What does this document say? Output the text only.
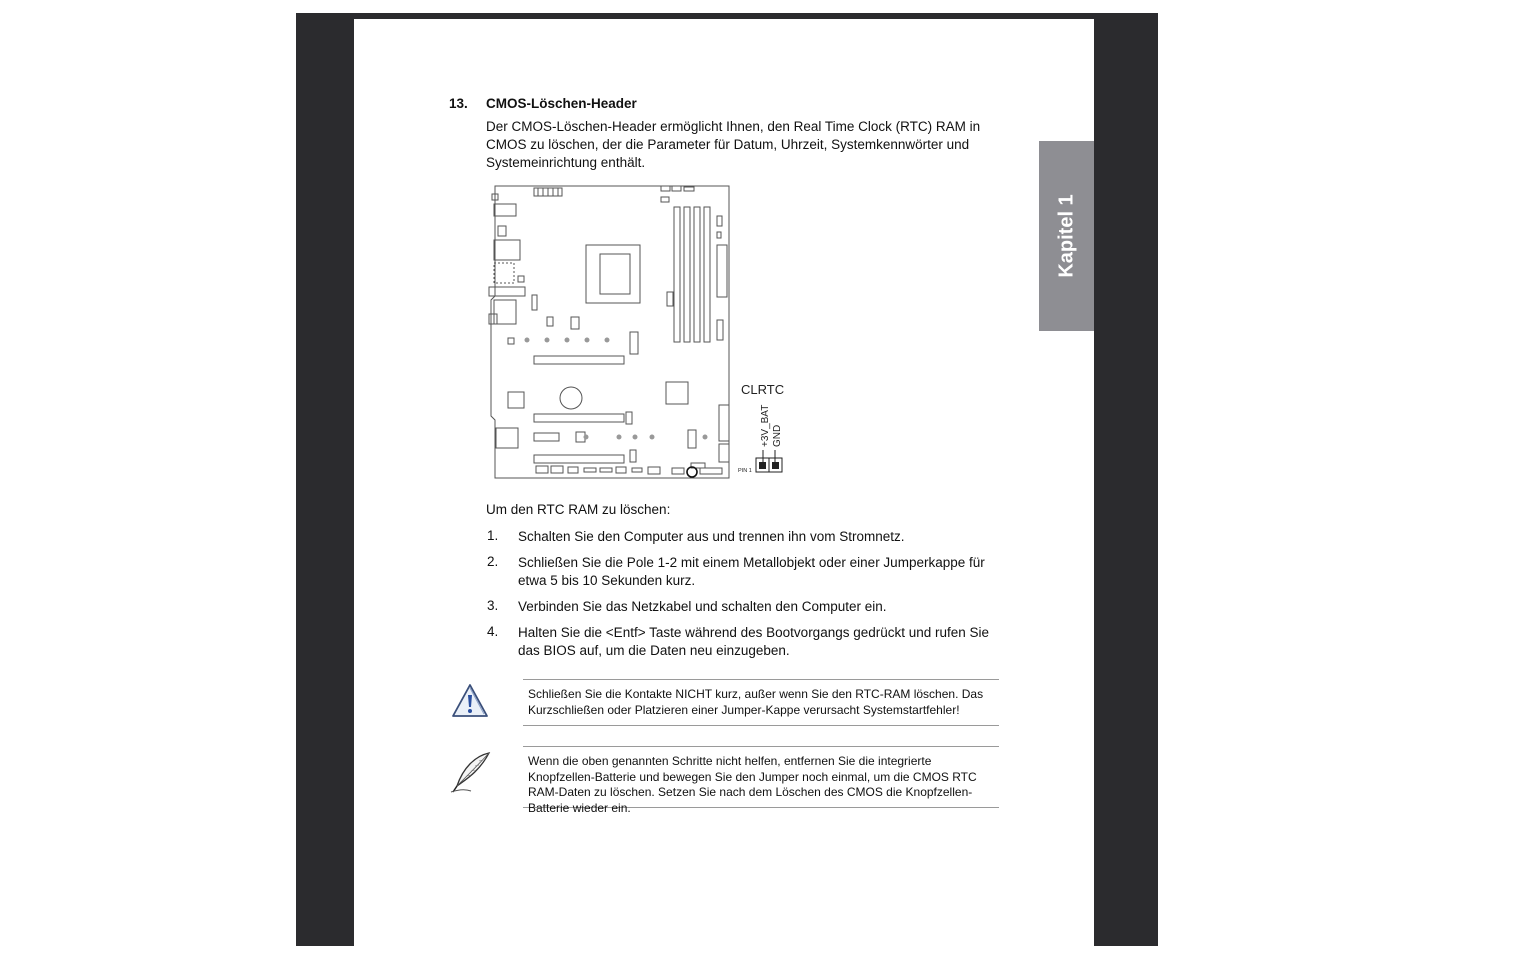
Kapitel 1
13. CMOS-Löschen-Header
Der CMOS-Löschen-Header ermöglicht Ihnen, den Real Time Clock (RTC) RAM in CMOS zu löschen, der die Parameter für Datum, Uhrzeit, Systemkennwörter und Systemeinrichtung enthält.
CLRTC
+3V_BAT GND
PIN 1
Um den RTC RAM zu löschen:
1. Schalten Sie den Computer aus und trennen ihn vom Stromnetz.
2. Schließen Sie die Pole 1-2 mit einem Metallobjekt oder einer Jumperkappe für etwa 5 bis 10 Sekunden kurz.
3. Verbinden Sie das Netzkabel und schalten den Computer ein.
4. Halten Sie die <Entf> Taste während des Bootvorgangs gedrückt und rufen Sie das BIOS auf, um die Daten neu einzugeben.
Schließen Sie die Kontakte NICHT kurz, außer wenn Sie den RTC-RAM löschen. Das Kurzschließen oder Platzieren einer Jumper-Kappe verursacht Systemstartfehler!
Wenn die oben genannten Schritte nicht helfen, entfernen Sie die integrierte Knopfzellen-Batterie und bewegen Sie den Jumper noch einmal, um die CMOS RTC RAM-Daten zu löschen. Setzen Sie nach dem Löschen des CMOS die Knopfzellen-Batterie wieder ein.
